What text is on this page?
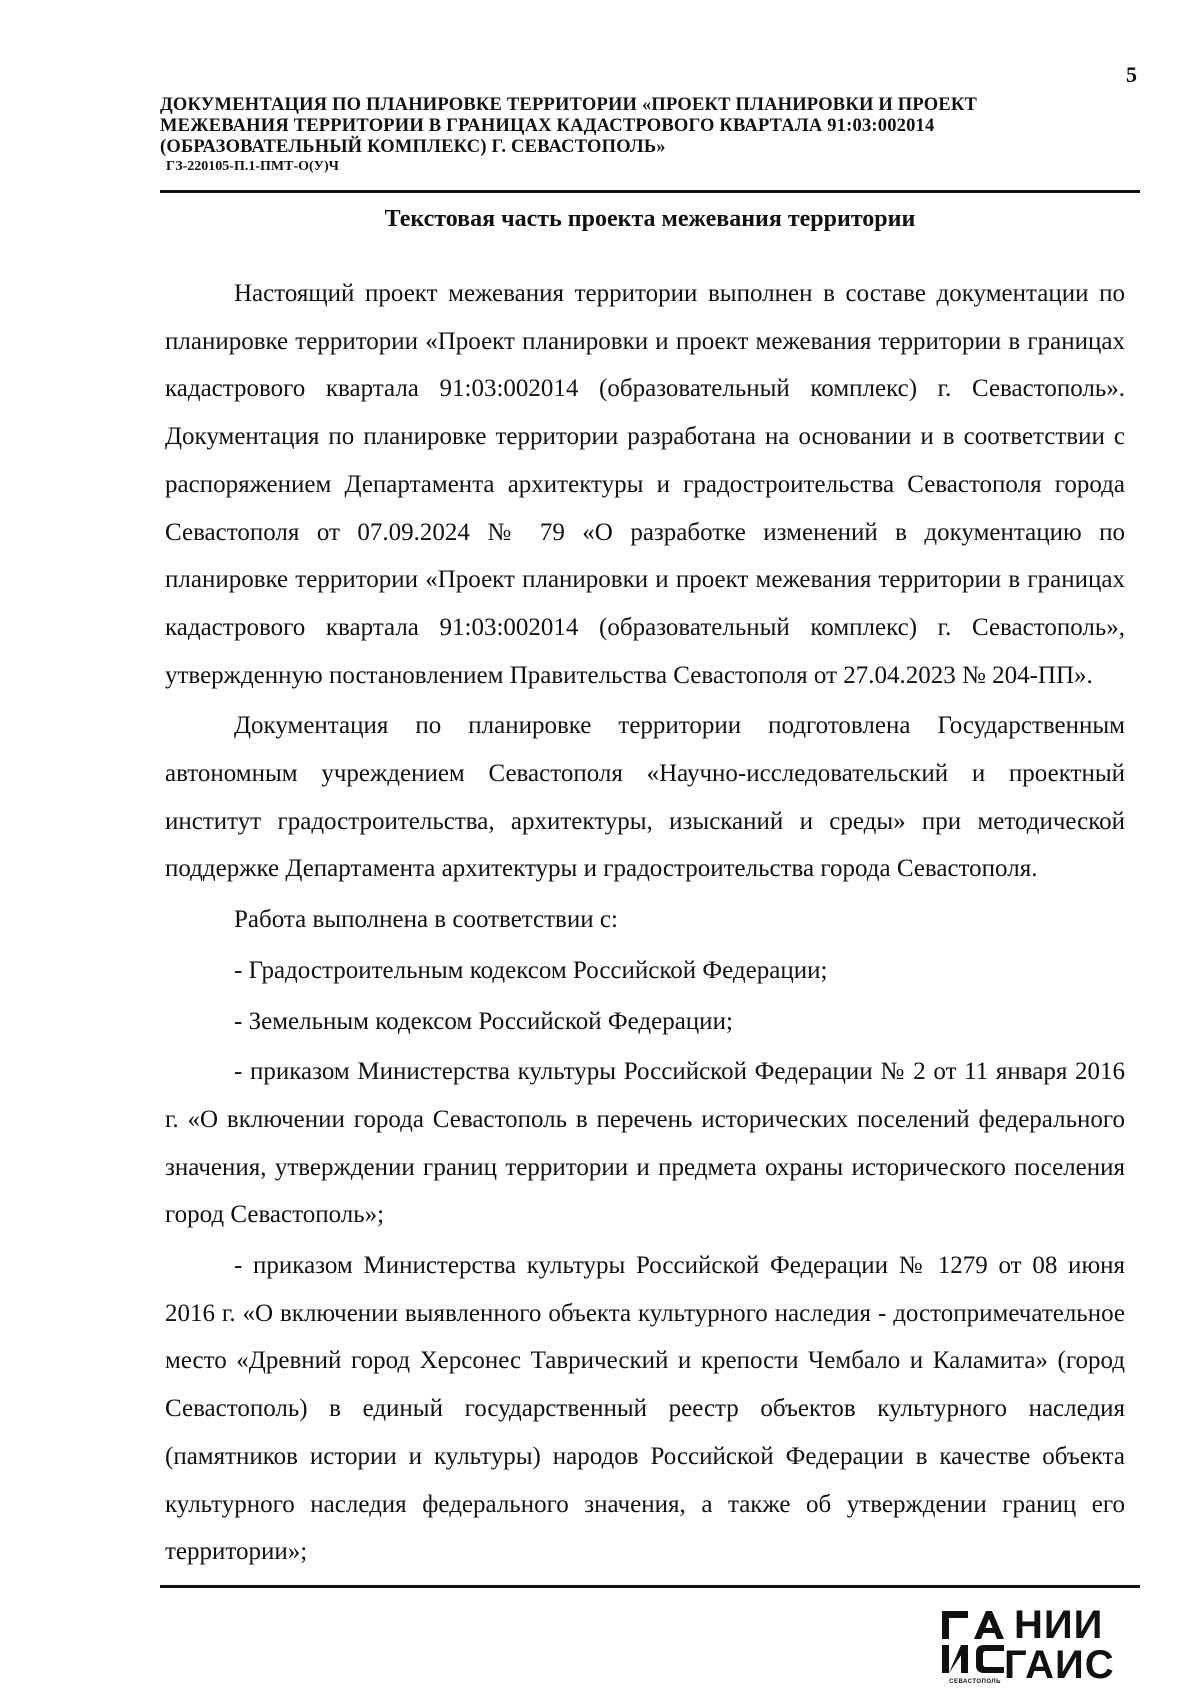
5
ДОКУМЕНТАЦИЯ ПО ПЛАНИРОВКЕ ТЕРРИТОРИИ «ПРОЕКТ ПЛАНИРОВКИ И ПРОЕКТ
МЕЖЕВАНИЯ ТЕРРИТОРИИ В ГРАНИЦАХ КАДАСТРОВОГО КВАРТАЛА 91:03:002014
(ОБРАЗОВАТЕЛЬНЫЙ КОМПЛЕКС) Г. СЕВАСТОПОЛЬ»
ГЗ-220105-П.1-ПМТ-О(У)Ч
Текстовая часть проекта межевания территории

Настоящий проект межевания территории выполнен в составе документации по планировке территории «Проект планировки и проект межевания территории в границах кадастрового квартала 91:03:002014 (образовательный комплекс) г. Севастополь». Документация по планировке территории разработана на основании и в соответствии с распоряжением Департамента архитектуры и градостроительства Севастополя города Севастополя от 07.09.2024 № 79 «О разработке изменений в документацию по планировке территории «Проект планировки и проект межевания территории в границах кадастрового квартала 91:03:002014 (образовательный комплекс) г. Севастополь», утвержденную постановлением Правительства Севастополя от 27.04.2023 № 204-ПП».

Документация по планировке территории подготовлена Государственным автономным учреждением Севастополя «Научно-исследовательский и проектный институт градостроительства, архитектуры, изысканий и среды» при методической поддержке Департамента архитектуры и градостроительства города Севастополя.

Работа выполнена в соответствии с:

- Градостроительным кодексом Российской Федерации;

- Земельным кодексом Российской Федерации;

- приказом Министерства культуры Российской Федерации № 2 от 11 января 2016 г. «О включении города Севастополь в перечень исторических поселений федерального значения, утверждении границ территории и предмета охраны исторического поселения город Севастополь»;

- приказом Министерства культуры Российской Федерации № 1279 от 08 июня 2016 г. «О включении выявленного объекта культурного наследия - достопримечательное место «Древний город Херсонес Таврический и крепости Чембало и Каламита» (город Севастополь) в единый государственный реестр объектов культурного наследия (памятников истории и культуры) народов Российской Федерации в качестве объекта культурного наследия федерального значения, а также об утверждении границ его территории»;

СЕВАСТОПОЛЬ
НИИ
ГАИС
